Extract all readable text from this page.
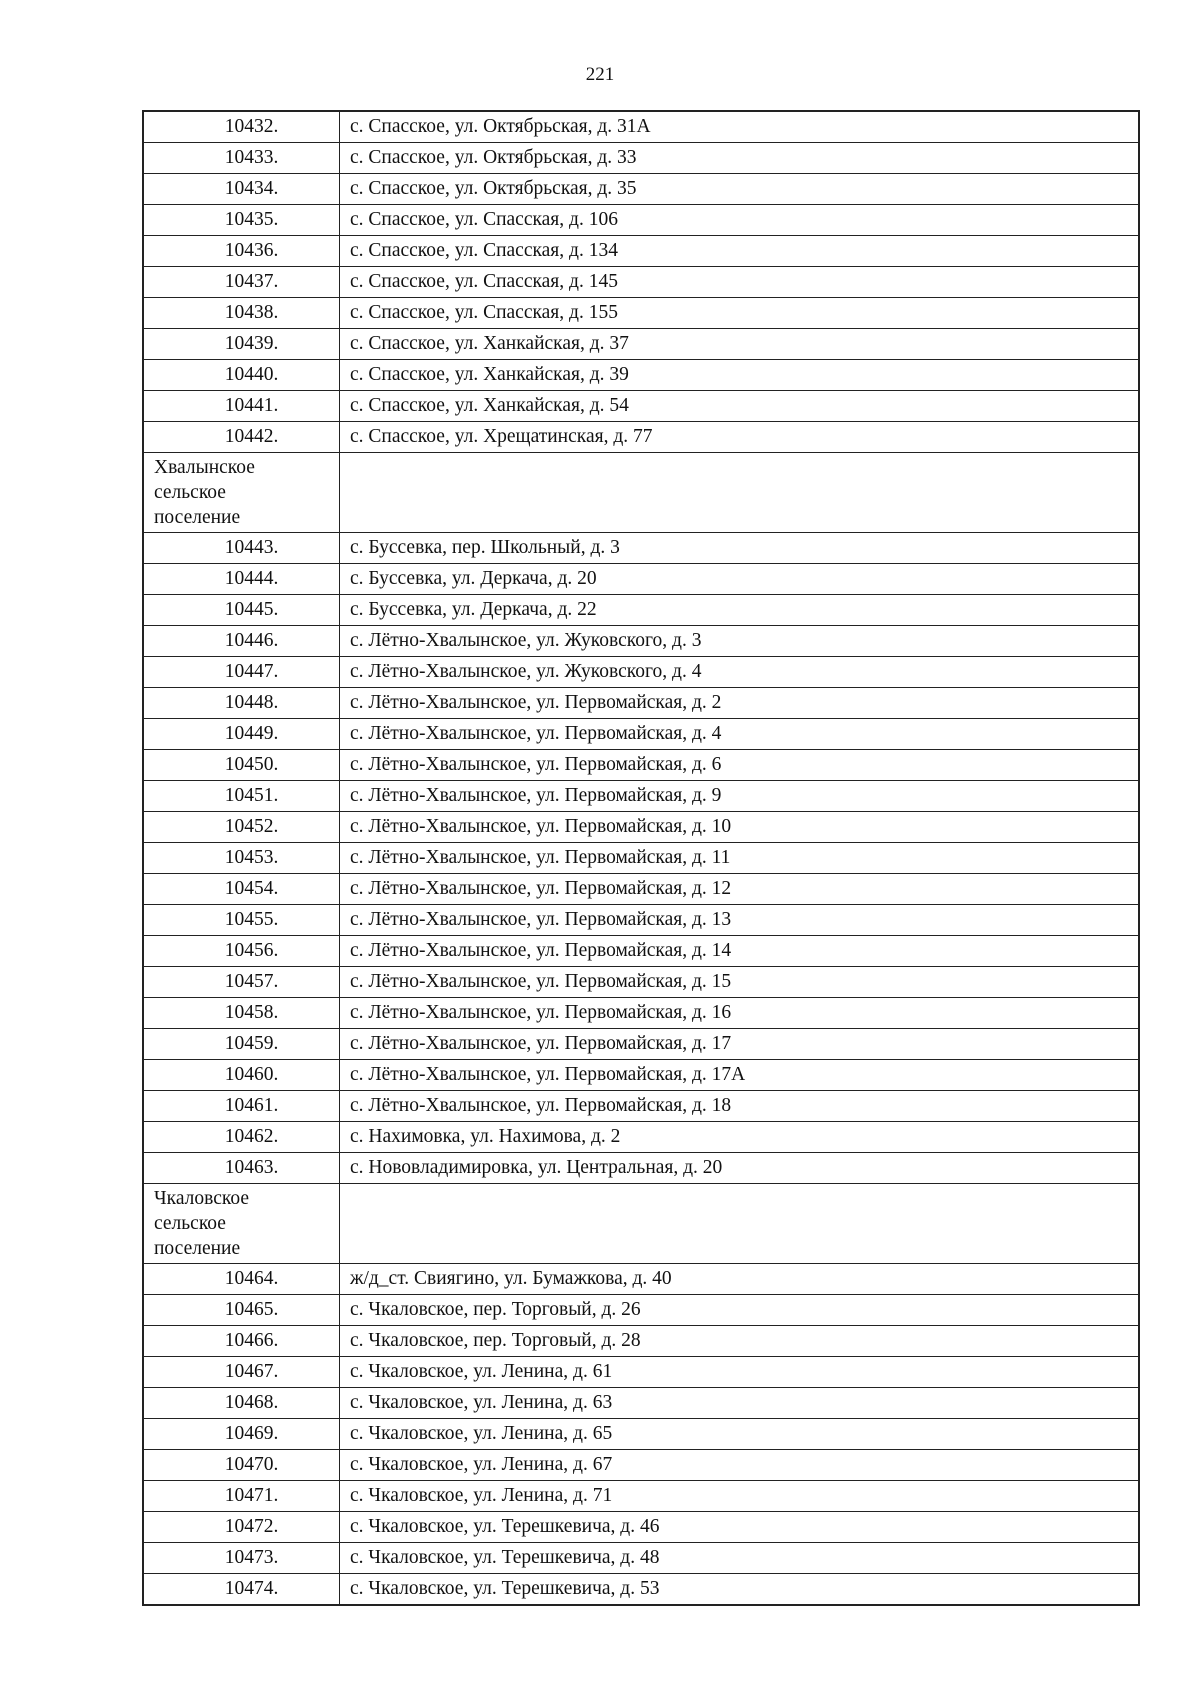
221
10432.	с. Спасское, ул. Октябрьская, д. 31А
10433.	с. Спасское, ул. Октябрьская, д. 33
10434.	с. Спасское, ул. Октябрьская, д. 35
10435.	с. Спасское, ул. Спасская, д. 106
10436.	с. Спасское, ул. Спасская, д. 134
10437.	с. Спасское, ул. Спасская, д. 145
10438.	с. Спасское, ул. Спасская, д. 155
10439.	с. Спасское, ул. Ханкайская, д. 37
10440.	с. Спасское, ул. Ханкайская, д. 39
10441.	с. Спасское, ул. Ханкайская, д. 54
10442.	с. Спасское, ул. Хрещатинская, д. 77
Хвалынское
сельское
поселение
10443.	с. Буссевка, пер. Школьный, д. 3
10444.	с. Буссевка, ул. Деркача, д. 20
10445.	с. Буссевка, ул. Деркача, д. 22
10446.	с. Лётно-Хвалынское, ул. Жуковского, д. 3
10447.	с. Лётно-Хвалынское, ул. Жуковского, д. 4
10448.	с. Лётно-Хвалынское, ул. Первомайская, д. 2
10449.	с. Лётно-Хвалынское, ул. Первомайская, д. 4
10450.	с. Лётно-Хвалынское, ул. Первомайская, д. 6
10451.	с. Лётно-Хвалынское, ул. Первомайская, д. 9
10452.	с. Лётно-Хвалынское, ул. Первомайская, д. 10
10453.	с. Лётно-Хвалынское, ул. Первомайская, д. 11
10454.	с. Лётно-Хвалынское, ул. Первомайская, д. 12
10455.	с. Лётно-Хвалынское, ул. Первомайская, д. 13
10456.	с. Лётно-Хвалынское, ул. Первомайская, д. 14
10457.	с. Лётно-Хвалынское, ул. Первомайская, д. 15
10458.	с. Лётно-Хвалынское, ул. Первомайская, д. 16
10459.	с. Лётно-Хвалынское, ул. Первомайская, д. 17
10460.	с. Лётно-Хвалынское, ул. Первомайская, д. 17А
10461.	с. Лётно-Хвалынское, ул. Первомайская, д. 18
10462.	с. Нахимовка, ул. Нахимова, д. 2
10463.	с. Нововладимировка, ул. Центральная, д. 20
Чкаловское
сельское
поселение
10464.	ж/д_ст. Свиягино, ул. Бумажкова, д. 40
10465.	с. Чкаловское, пер. Торговый, д. 26
10466.	с. Чкаловское, пер. Торговый, д. 28
10467.	с. Чкаловское, ул. Ленина, д. 61
10468.	с. Чкаловское, ул. Ленина, д. 63
10469.	с. Чкаловское, ул. Ленина, д. 65
10470.	с. Чкаловское, ул. Ленина, д. 67
10471.	с. Чкаловское, ул. Ленина, д. 71
10472.	с. Чкаловское, ул. Терешкевича, д. 46
10473.	с. Чкаловское, ул. Терешкевича, д. 48
10474.	с. Чкаловское, ул. Терешкевича, д. 53
